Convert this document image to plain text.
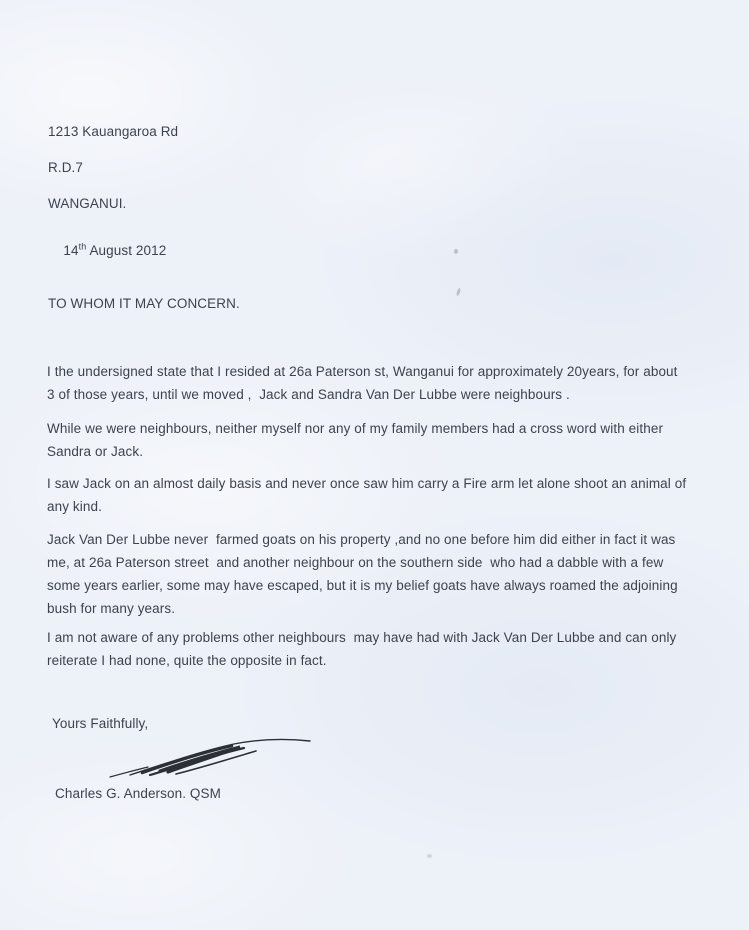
1213 Kauangaroa Rd
R.D.7
WANGANUI.

14th August 2012

TO WHOM IT MAY CONCERN.

I the undersigned state that I resided at 26a Paterson st, Wanganui for approximately 20years, for about 3 of those years, until we moved ,  Jack and Sandra Van Der Lubbe were neighbours .

While we were neighbours, neither myself nor any of my family members had a cross word with either Sandra or Jack.

I saw Jack on an almost daily basis and never once saw him carry a Fire arm let alone shoot an animal of any kind.

Jack Van Der Lubbe never  farmed goats on his property ,and no one before him did either in fact it was me, at 26a Paterson street  and another neighbour on the southern side  who had a dabble with a few some years earlier, some may have escaped, but it is my belief goats have always roamed the adjoining bush for many years.

I am not aware of any problems other neighbours  may have had with Jack Van Der Lubbe and can only reiterate I had none, quite the opposite in fact.

Yours Faithfully,
Charles G. Anderson. QSM
